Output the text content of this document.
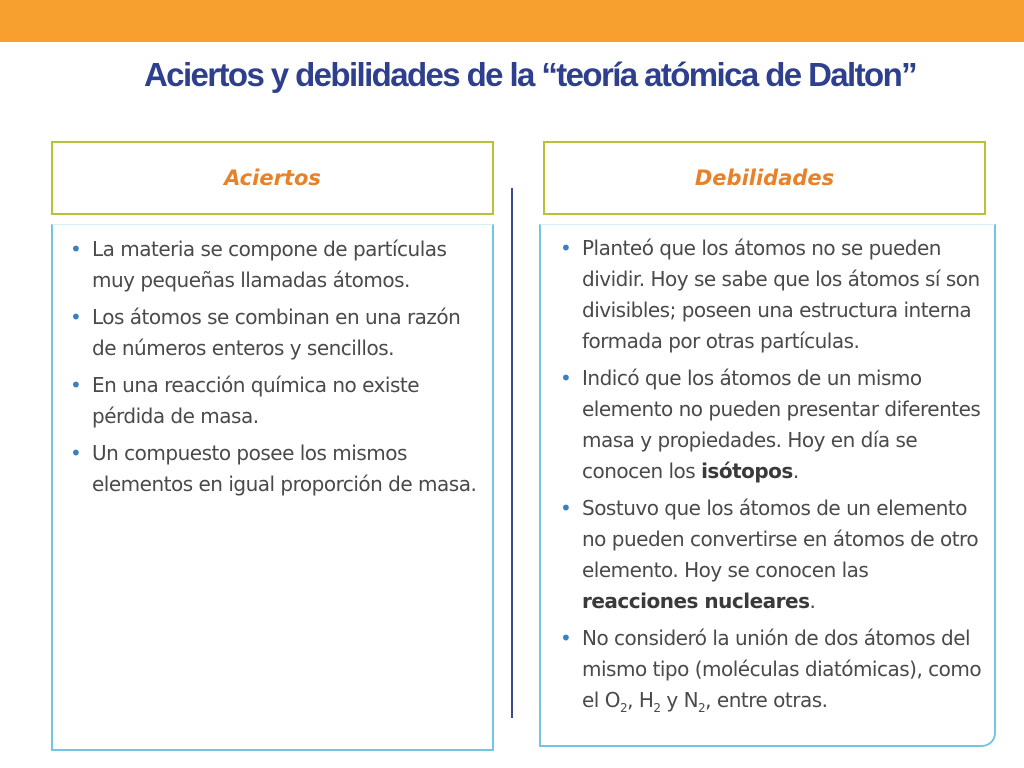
Aciertos y debilidades de la “teoría atómica de Dalton”
Aciertos	Debilidades
• La materia se compone de partículas muy pequeñas llamadas átomos.
• Los átomos se combinan en una razón de números enteros y sencillos.
• En una reacción química no existe pérdida de masa.
• Un compuesto posee los mismos elementos en igual proporción de masa.
• Planteó que los átomos no se pueden dividir. Hoy se sabe que los átomos sí son divisibles; poseen una estructura interna formada por otras partículas.
• Indicó que los átomos de un mismo elemento no pueden presentar diferentes masa y propiedades. Hoy en día se conocen los isótopos.
• Sostuvo que los átomos de un elemento no pueden convertirse en átomos de otro elemento. Hoy se conocen las reacciones nucleares.
• No consideró la unión de dos átomos del mismo tipo (moléculas diatómicas), como el $O_2$, $H_2$ y $N_2$, entre otras.
